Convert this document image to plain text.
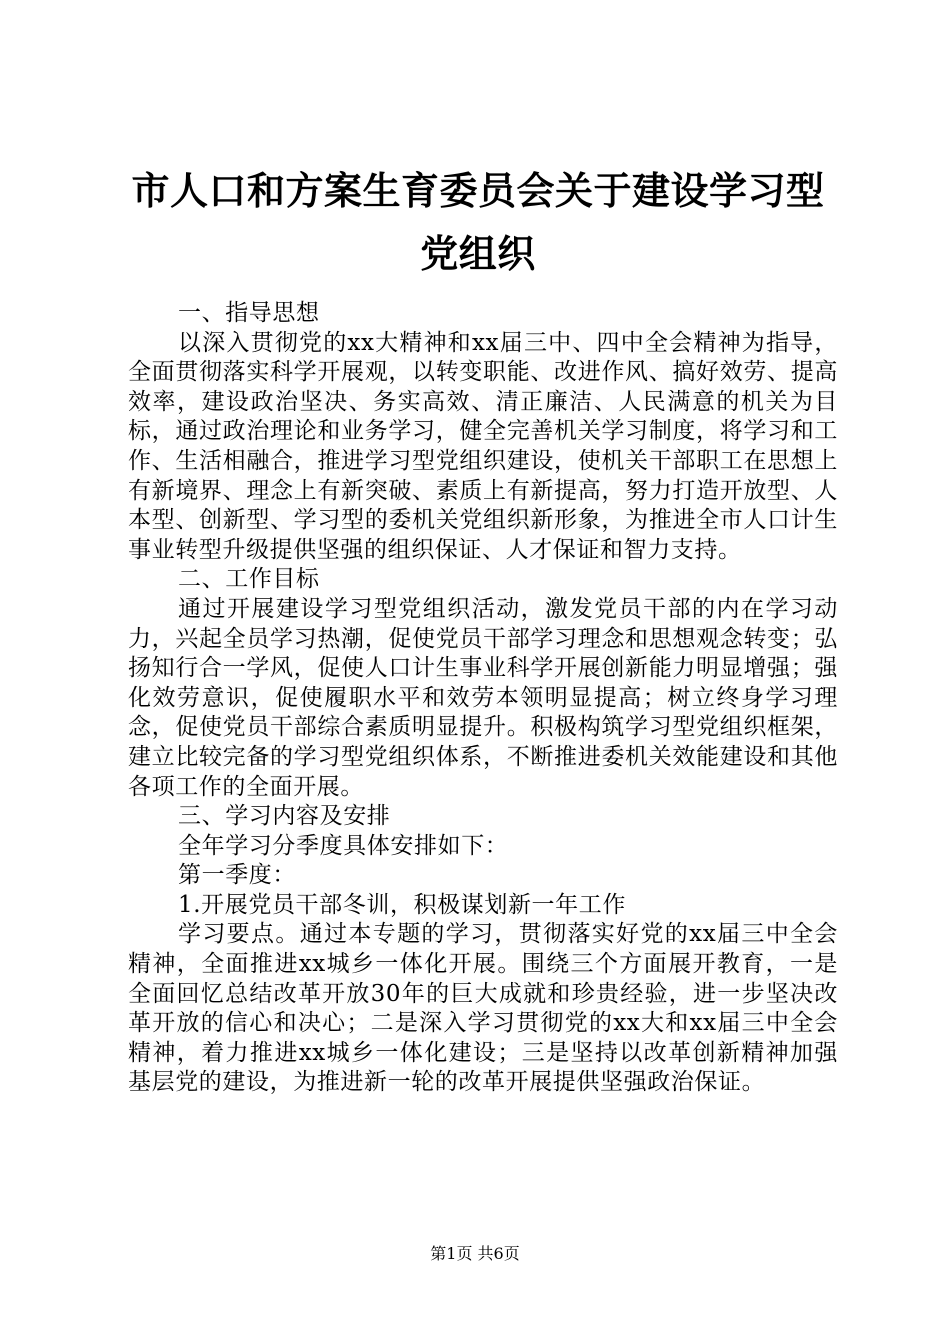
市人口和方案生育委员会关于建设学习型党组织

一、指导思想

以深入贯彻党的xx大精神和xx届三中、四中全会精神为指导，全面贯彻落实科学开展观，以转变职能、改进作风、搞好效劳、提高效率，建设政治坚决、务实高效、清正廉洁、人民满意的机关为目标，通过政治理论和业务学习，健全完善机关学习制度，将学习和工作、生活相融合，推进学习型党组织建设，使机关干部职工在思想上有新境界、理念上有新突破、素质上有新提高，努力打造开放型、人本型、创新型、学习型的委机关党组织新形象，为推进全市人口计生事业转型升级提供坚强的组织保证、人才保证和智力支持。

二、工作目标

通过开展建设学习型党组织活动，激发党员干部的内在学习动力，兴起全员学习热潮，促使党员干部学习理念和思想观念转变；弘扬知行合一学风，促使人口计生事业科学开展创新能力明显增强；强化效劳意识，促使履职水平和效劳本领明显提高；树立终身学习理念，促使党员干部综合素质明显提升。积极构筑学习型党组织框架，建立比较完备的学习型党组织体系，不断推进委机关效能建设和其他各项工作的全面开展。

三、学习内容及安排

全年学习分季度具体安排如下：

第一季度：

1.开展党员干部冬训，积极谋划新一年工作

学习要点。通过本专题的学习，贯彻落实好党的xx届三中全会精神，全面推进xx城乡一体化开展。围绕三个方面展开教育，一是全面回忆总结改革开放30年的巨大成就和珍贵经验，进一步坚决改革开放的信心和决心；二是深入学习贯彻党的xx大和xx届三中全会精神，着力推进xx城乡一体化建设；三是坚持以改革创新精神加强基层党的建设，为推进新一轮的改革开展提供坚强政治保证。

第1页 共6页
